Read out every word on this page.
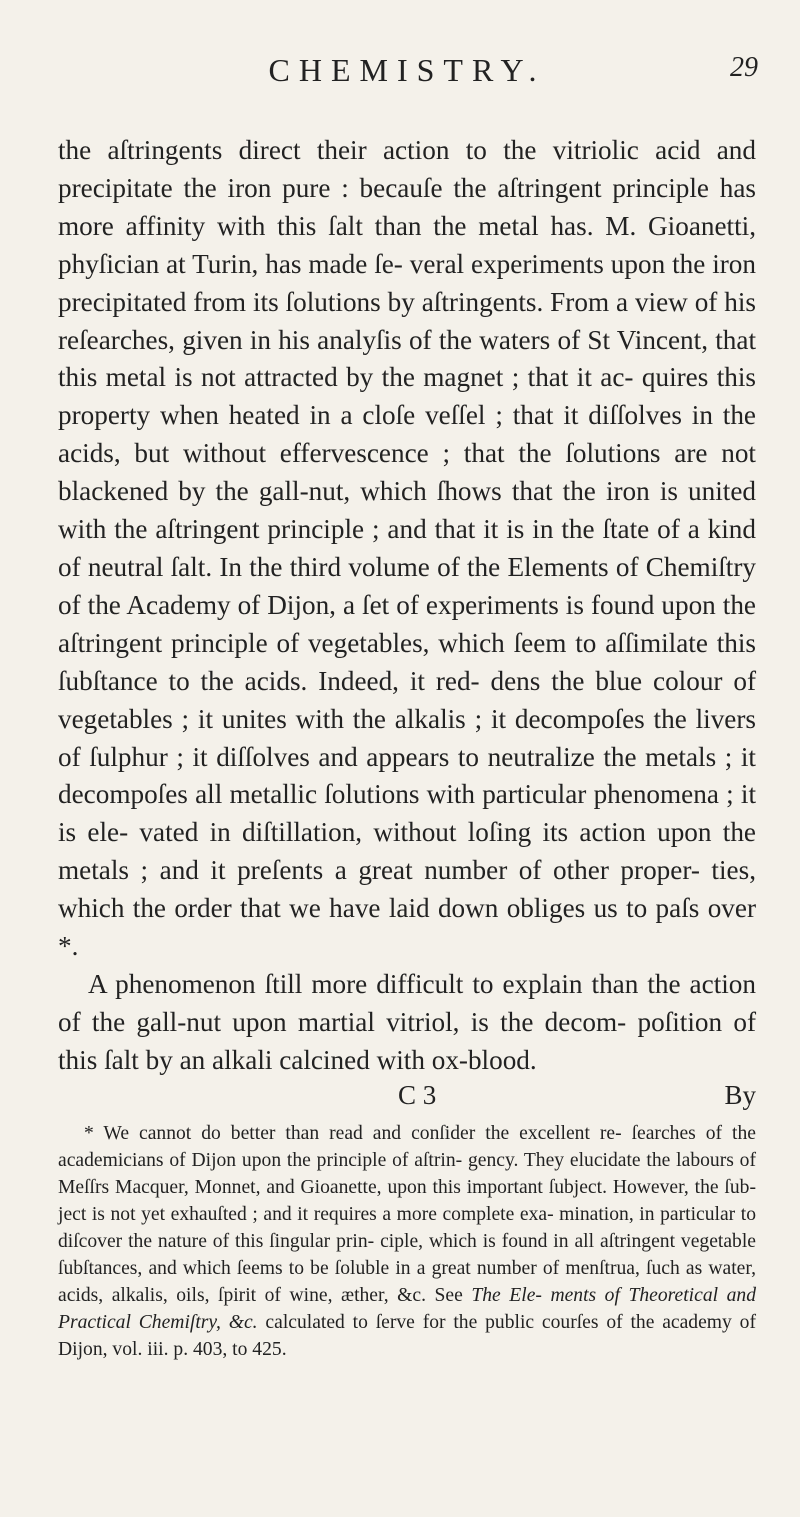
CHEMISTRY.	29

the aſtringents direct their action to the vitriolic acid and precipitate the iron pure : becauſe the aſtringent principle has more affinity with this ſalt than the metal has. M. Gioanetti, phyſician at Turin, has made ſe- veral experiments upon the iron precipitated from its ſolutions by aſtringents. From a view of his reſearches, given in his analyſis of the waters of St Vincent, that this metal is not attracted by the magnet ; that it ac- quires this property when heated in a cloſe veſſel ; that it diſſolves in the acids, but without effervescence ; that the ſolutions are not blackened by the gall-nut, which ſhows that the iron is united with the aſtringent principle ; and that it is in the ſtate of a kind of neutral ſalt. In the third volume of the Elements of Chemiſtry of the Academy of Dijon, a ſet of experiments is found upon the aſtringent principle of vegetables, which ſeem to aſſimilate this ſubſtance to the acids. Indeed, it red- dens the blue colour of vegetables ; it unites with the alkalis ; it decompoſes the livers of ſulphur ; it diſſolves and appears to neutralize the metals ; it decompoſes all metallic ſolutions with particular phenomena ; it is ele- vated in diſtillation, without loſing its action upon the metals ; and it preſents a great number of other proper- ties, which the order that we have laid down obliges us to paſs over *.

A phenomenon ſtill more difficult to explain than the action of the gall-nut upon martial vitriol, is the decom- poſition of this ſalt by an alkali calcined with ox-blood.

C 3	By
* We cannot do better than read and conſider the excellent re- ſearches of the academicians of Dijon upon the principle of aſtrin- gency. They elucidate the labours of Meſſrs Macquer, Monnet, and Gioanette, upon this important ſubject. However, the ſub- ject is not yet exhauſted ; and it requires a more complete exa- mination, in particular to diſcover the nature of this ſingular prin- ciple, which is found in all aſtringent vegetable ſubſtances, and which ſeems to be ſoluble in a great number of menſtrua, ſuch as water, acids, alkalis, oils, ſpirit of wine, æther, &c. See The Ele- ments of Theoretical and Practical Chemiſtry, &c. calculated to ſerve for the public courſes of the academy of Dijon, vol. iii. p. 403, to 425.
